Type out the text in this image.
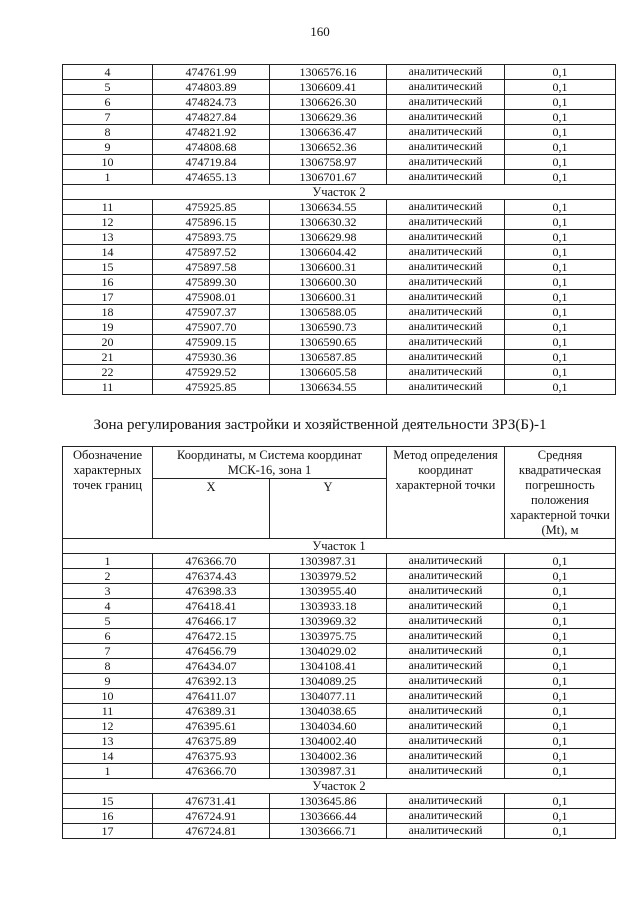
160
4	474761.99	1306576.16	аналитический	0,1
5	474803.89	1306609.41	аналитический	0,1
6	474824.73	1306626.30	аналитический	0,1
7	474827.84	1306629.36	аналитический	0,1
8	474821.92	1306636.47	аналитический	0,1
9	474808.68	1306652.36	аналитический	0,1
10	474719.84	1306758.97	аналитический	0,1
1	474655.13	1306701.67	аналитический	0,1
Участок 2				
11	475925.85	1306634.55	аналитический	0,1
12	475896.15	1306630.32	аналитический	0,1
13	475893.75	1306629.98	аналитический	0,1
14	475897.52	1306604.42	аналитический	0,1
15	475897.58	1306600.31	аналитический	0,1
16	475899.30	1306600.30	аналитический	0,1
17	475908.01	1306600.31	аналитический	0,1
18	475907.37	1306588.05	аналитический	0,1
19	475907.70	1306590.73	аналитический	0,1
20	475909.15	1306590.65	аналитический	0,1
21	475930.36	1306587.85	аналитический	0,1
22	475929.52	1306605.58	аналитический	0,1
11	475925.85	1306634.55	аналитический	0,1
Зона регулирования застройки и хозяйственной деятельности ЗРЗ(Б)-1
Обозначение характерных точек границ	Координаты, м Система координат МСК-16, зона 1		Метод определения координат характерной точки	Средняя квадратическая погрешность положения характерной точки (Mt), м
	X	Y		
Участок 1				
1	476366.70	1303987.31	аналитический	0,1
2	476374.43	1303979.52	аналитический	0,1
3	476398.33	1303955.40	аналитический	0,1
4	476418.41	1303933.18	аналитический	0,1
5	476466.17	1303969.32	аналитический	0,1
6	476472.15	1303975.75	аналитический	0,1
7	476456.79	1304029.02	аналитический	0,1
8	476434.07	1304108.41	аналитический	0,1
9	476392.13	1304089.25	аналитический	0,1
10	476411.07	1304077.11	аналитический	0,1
11	476389.31	1304038.65	аналитический	0,1
12	476395.61	1304034.60	аналитический	0,1
13	476375.89	1304002.40	аналитический	0,1
14	476375.93	1304002.36	аналитический	0,1
1	476366.70	1303987.31	аналитический	0,1
Участок 2				
15	476731.41	1303645.86	аналитический	0,1
16	476724.91	1303666.44	аналитический	0,1
17	476724.81	1303666.71	аналитический	0,1
